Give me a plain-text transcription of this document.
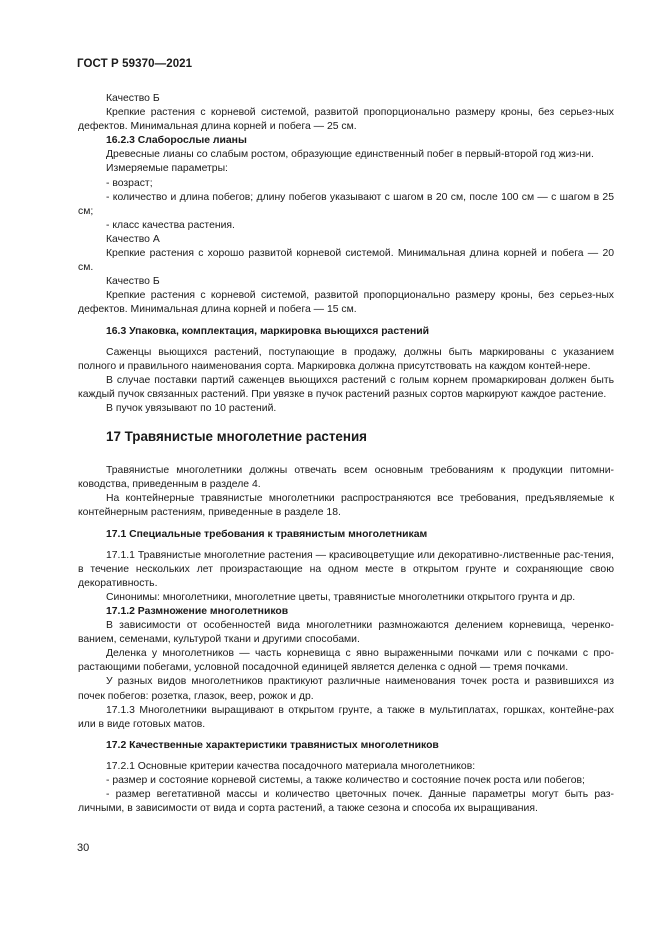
ГОСТ Р 59370—2021

Качество Б

Крепкие растения с корневой системой, развитой пропорционально размеру кроны, без серьез-ных дефектов. Минимальная длина корней и побега — 25 см.

16.2.3 Слаборослые лианы

Древесные лианы со слабым ростом, образующие единственный побег в первый-второй год жиз-ни.

Измеряемые параметры:

- возраст;

- количество и длина побегов; длину побегов указывают с шагом в 20 см, после 100 см — с шагом в 25 см;

- класс качества растения.

Качество А

Крепкие растения с хорошо развитой корневой системой. Минимальная длина корней и побега — 20 см.

Качество Б

Крепкие растения с корневой системой, развитой пропорционально размеру кроны, без серьез-ных дефектов. Минимальная длина корней и побега — 15 см.

16.3 Упаковка, комплектация, маркировка вьющихся растений

Саженцы вьющихся растений, поступающие в продажу, должны быть маркированы с указанием полного и правильного наименования сорта. Маркировка должна присутствовать на каждом контей-нере.

В случае поставки партий саженцев вьющихся растений с голым корнем промаркирован должен быть каждый пучок связанных растений. При увязке в пучок растений разных сортов маркируют каждое растение.

В пучок увязывают по 10 растений.

17 Травянистые многолетние растения

Травянистые многолетники должны отвечать всем основным требованиям к продукции питомни-ководства, приведенным в разделе 4.

На контейнерные травянистые многолетники распространяются все требования, предъявляемые к контейнерным растениям, приведенные в разделе 18.

17.1 Специальные требования к травянистым многолетникам

17.1.1 Травянистые многолетние растения — красивоцветущие или декоративно-лиственные рас-тения, в течение нескольких лет произрастающие на одном месте в открытом грунте и сохраняющие свою декоративность.

Синонимы: многолетники, многолетние цветы, травянистые многолетники открытого грунта и др.

17.1.2 Размножение многолетников

В зависимости от особенностей вида многолетники размножаются делением корневища, черенко-ванием, семенами, культурой ткани и другими способами.

Деленка у многолетников — часть корневища с явно выраженными почками или с почками с про-растающими побегами, условной посадочной единицей является деленка с одной — тремя почками.

У разных видов многолетников практикуют различные наименования точек роста и развившихся из почек побегов: розетка, глазок, веер, рожок и др.

17.1.3 Многолетники выращивают в открытом грунте, а также в мультиплатах, горшках, контейне-рах или в виде готовых матов.

17.2 Качественные характеристики травянистых многолетников

17.2.1 Основные критерии качества посадочного материала многолетников:

- размер и состояние корневой системы, а также количество и состояние почек роста или побегов;

- размер вегетативной массы и количество цветочных почек. Данные параметры могут быть раз-личными, в зависимости от вида и сорта растений, а также сезона и способа их выращивания.

30
